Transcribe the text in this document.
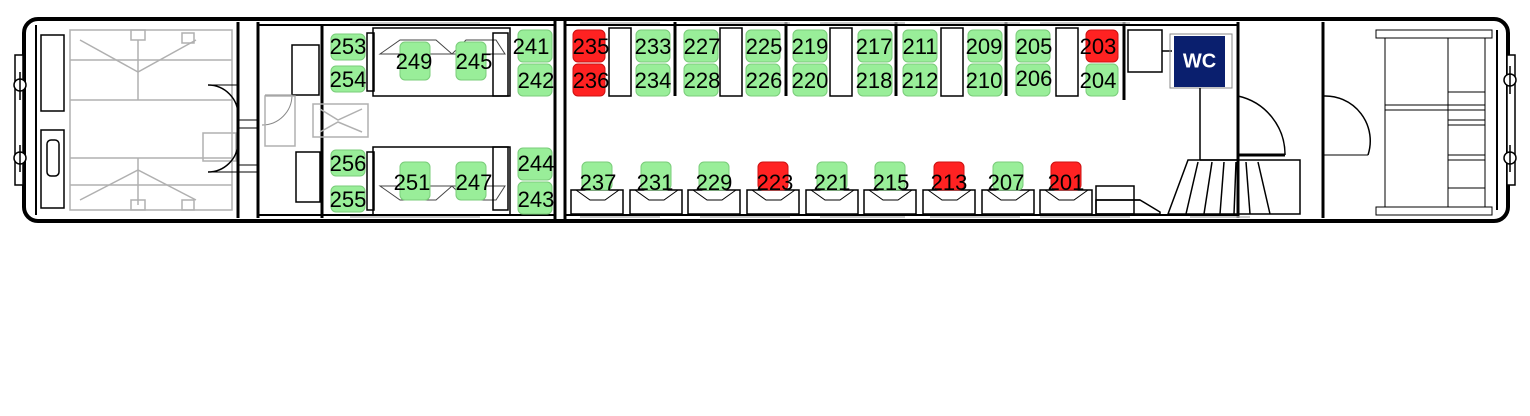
253
254
249 245
241
242
235
236
233
234
227
228
225
226
219
220
217
218
211
212
209
210
205
206
203
204
256
255
251 247
244
243
237 231 229 223 221 215 213 207 201
WC
